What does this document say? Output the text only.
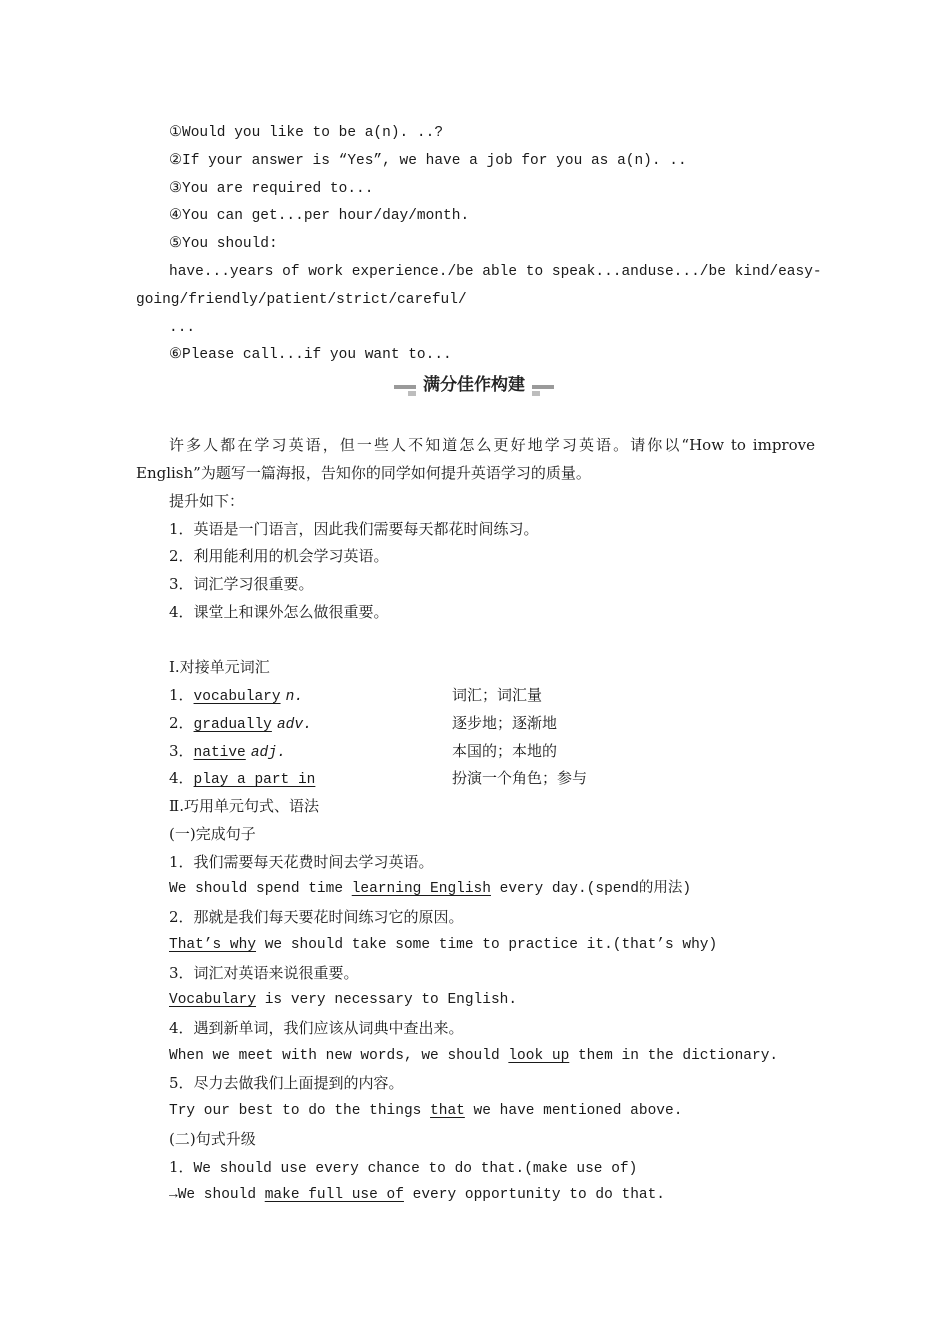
①Would you like to be a(n). ..?
②If your answer is “Yes”, we have a job for you as a(n). ..
③You are required to...
④You can get...per hour/day/month.
⑤You should:
have...years of work experience./be able to speak...anduse.../be kind/easy-
going/friendly/patient/strict/careful/
...
⑥Please call...if you want to...
满分佳作构建
许多人都在学习英语，但一些人不知道怎么更好地学习英语。请你以“How to improve
English”为题写一篇海报，告知你的同学如何提升英语学习的质量。
提升如下：
1．英语是一门语言，因此我们需要每天都花时间练习。
2．利用能利用的机会学习英语。
3．词汇学习很重要。
4．课堂上和课外怎么做很重要。
Ⅰ.对接单元词汇
1．vocabulary n.	词汇；词汇量
2．gradually adv.	逐步地；逐渐地
3．native adj.	本国的；本地的
4．play a part in	扮演一个角色；参与
Ⅱ.巧用单元句式、语法
(一)完成句子
1．我们需要每天花费时间去学习英语。
We should spend time learning English every day.(spend的用法)
2．那就是我们每天要花时间练习它的原因。
That’s why we should take some time to practice it.(that’s why)
3．词汇对英语来说很重要。
Vocabulary is very necessary to English.
4．遇到新单词，我们应该从词典中查出来。
When we meet with new words, we should look up them in the dictionary.
5．尽力去做我们上面提到的内容。
Try our best to do the things that we have mentioned above.
(二)句式升级
1．We should use every chance to do that.(make use of)
→We should make full use of every opportunity to do that.
